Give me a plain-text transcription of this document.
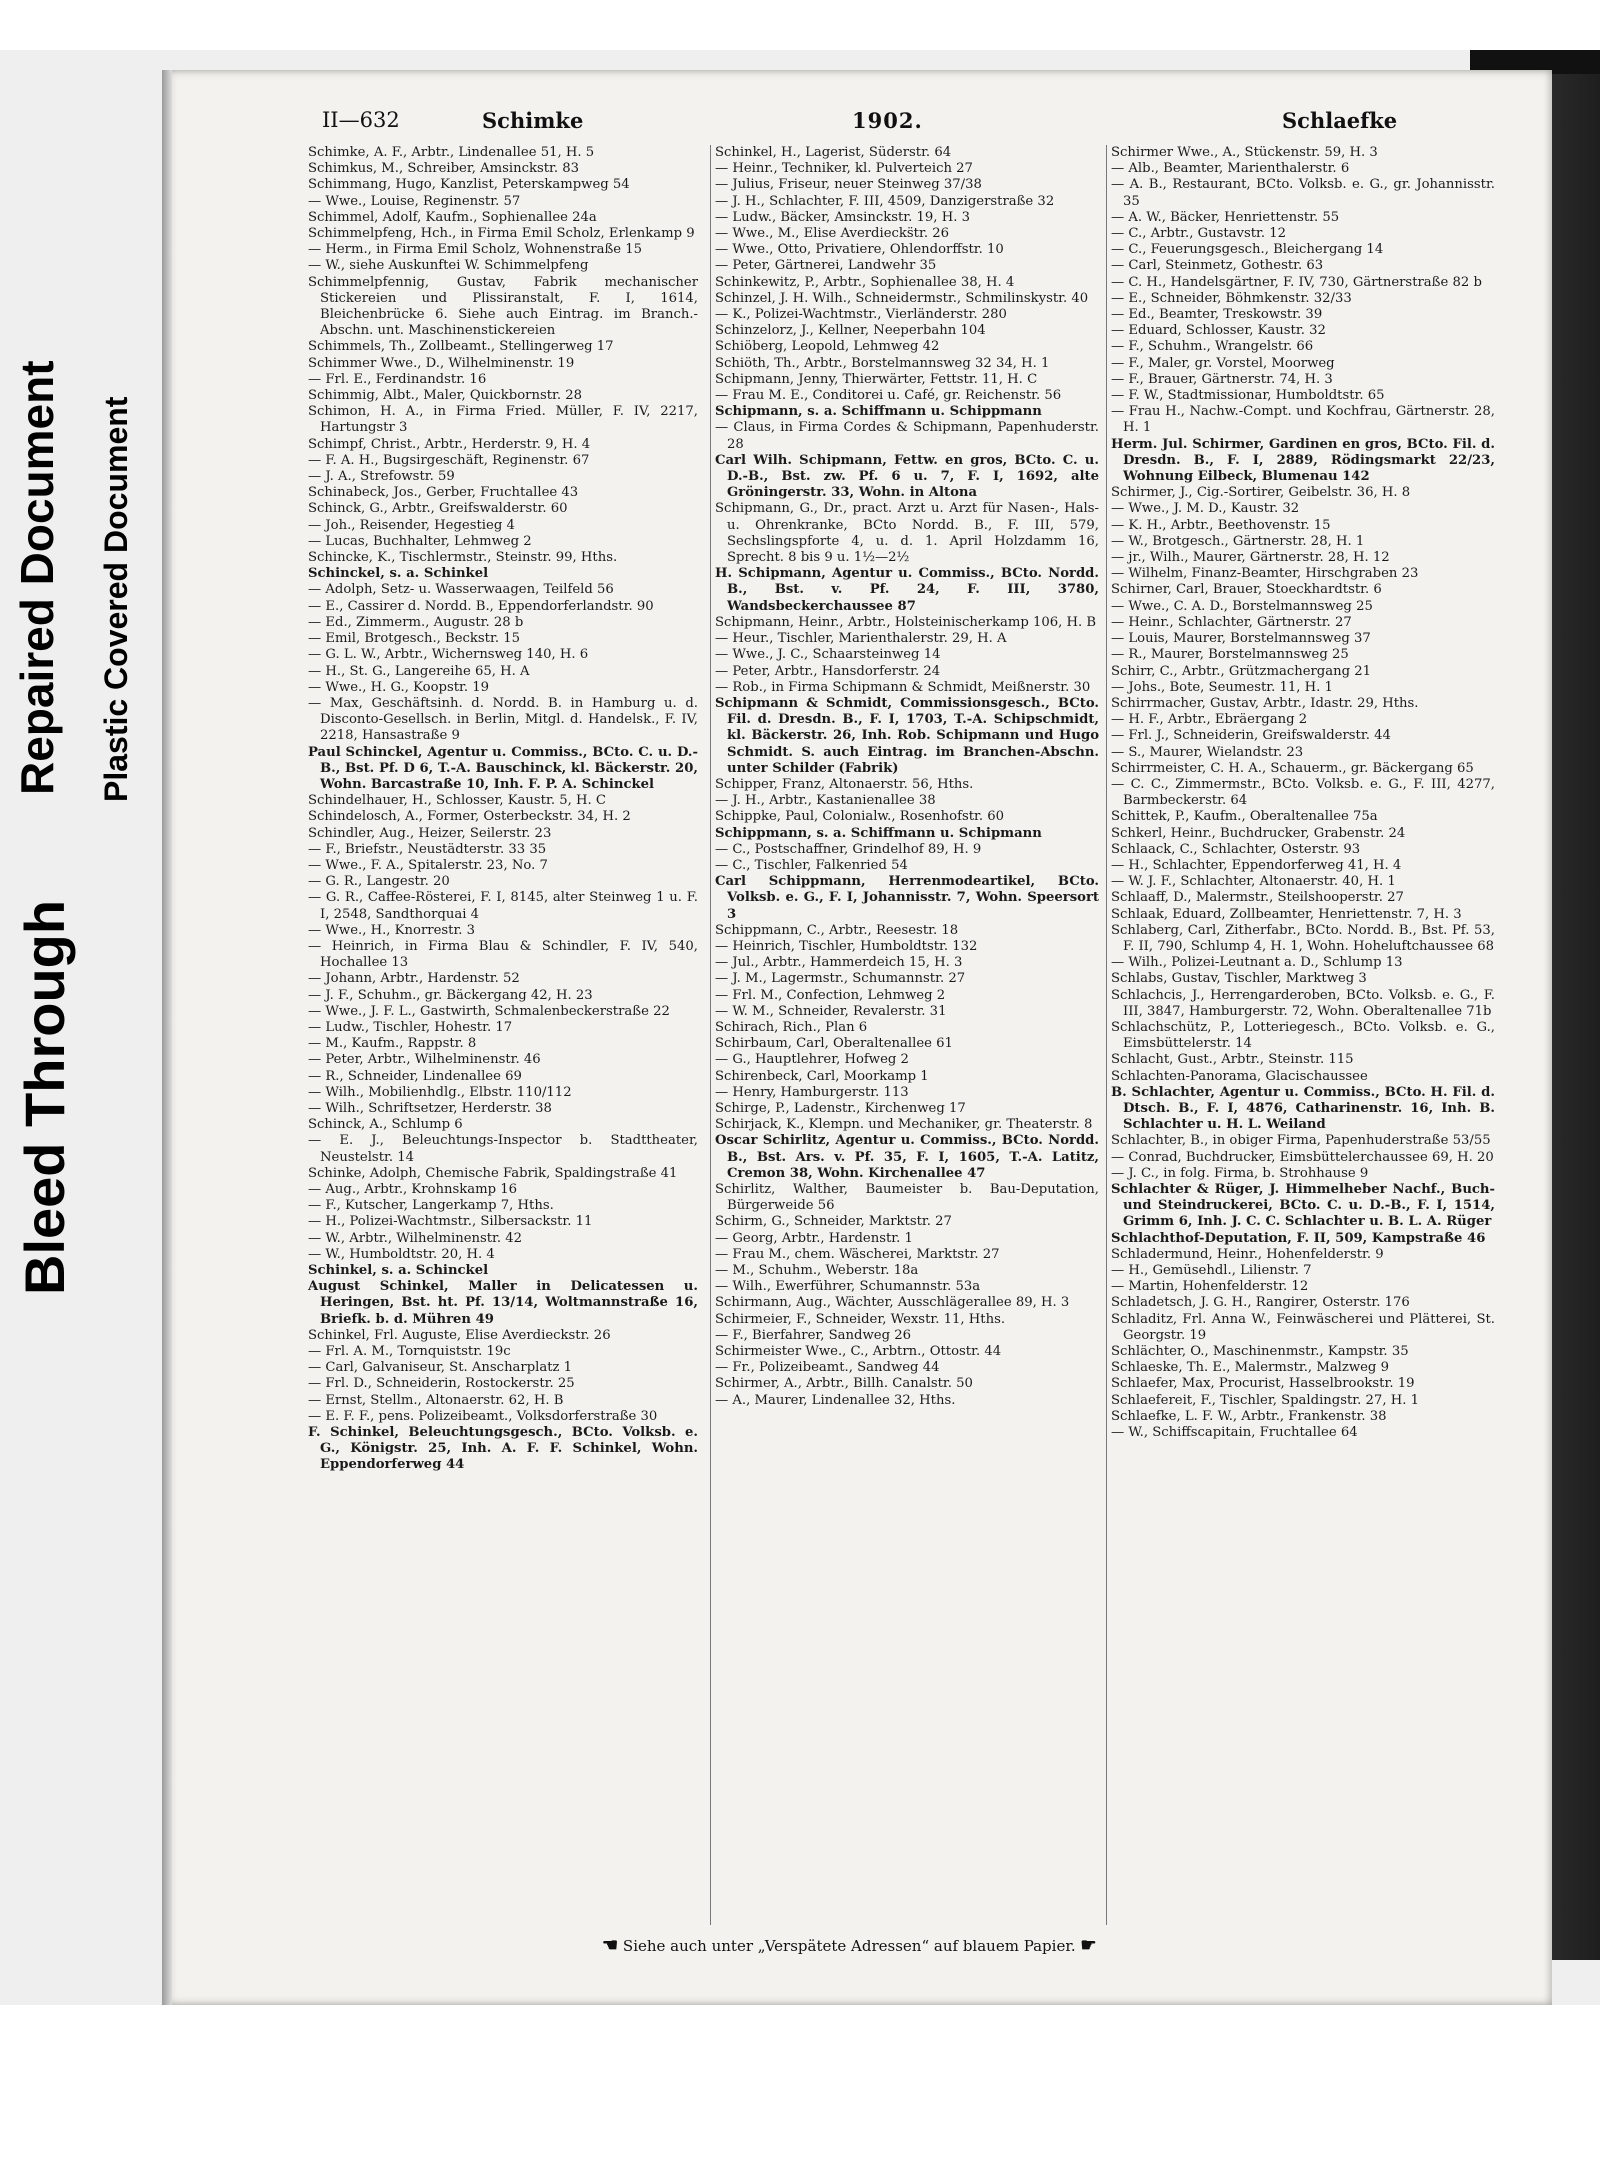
Bleed Through
Repaired Document Plastic Covered Document
II—632	Schimke	1902.	Schlaefke
Schimke, A. F., Arbtr., Lindenallee 51, H. 5
Schimkus, M., Schreiber, Amsinckstr. 83
Schimmang, Hugo, Kanzlist, Peterskampweg 54
— Wwe., Louise, Reginenstr. 57
Schimmel, Adolf, Kaufm., Sophienallee 24a
Schimmelpfeng, Hch., in Firma Emil Scholz, Erlenkamp 9
— Herm., in Firma Emil Scholz, Wohnenstraße 15
— W., siehe Auskunftei W. Schimmelpfeng
Schimmelpfennig, Gustav, Fabrik mechanischer Stickereien und Plissiranstalt, F. I, 1614, Bleichenbrücke 6. Siehe auch Eintrag. im Branch.-Abschn. unt. Maschinenstickereien
Schimmels, Th., Zollbeamt., Stellingerweg 17
Schimmer Wwe., D., Wilhelminenstr. 19
— Frl. E., Ferdinandstr. 16
Schimmig, Albt., Maler, Quickbornstr. 28
Schimon, H. A., in Firma Fried. Müller, F. IV, 2217, Hartungstr 3
Schimpf, Christ., Arbtr., Herderstr. 9, H. 4
— F. A. H., Bugsirgeschäft, Reginenstr. 67
— J. A., Strefowstr. 59
Schinabeck, Jos., Gerber, Fruchtallee 43
Schinck, G., Arbtr., Greifswalderstr. 60
— Joh., Reisender, Hegestieg 4
— Lucas, Buchhalter, Lehmweg 2
Schincke, K., Tischlermstr., Steinstr. 99, Hths.
Schinckel, s. a. Schinkel
— Adolph, Setz- u. Wasserwaagen, Teilfeld 56
— E., Cassirer d. Nordd. B., Eppendorferlandstr. 90
— Ed., Zimmerm., Augustr. 28 b
— Emil, Brotgesch., Beckstr. 15
— G. L. W., Arbtr., Wichernsweg 140, H. 6
— H., St. G., Langereihe 65, H. A
— Wwe., H. G., Koopstr. 19
— Max, Geschäftsinh. d. Nordd. B. in Hamburg u. d. Disconto-Gesellsch. in Berlin, Mitgl. d. Handelsk., F. IV, 2218, Hansastraße 9
Paul Schinckel, Agentur u. Commiss., BCto. C. u. D.-B., Bst. Pf. D 6, T.-A. Bauschinck, kl. Bäckerstr. 20, Wohn. Barcastraße 10, Inh. F. P. A. Schinckel
Schindelhauer, H., Schlosser, Kaustr. 5, H. C
Schindelosch, A., Former, Osterbeckstr. 34, H. 2
Schindler, Aug., Heizer, Seilerstr. 23
— F., Briefstr., Neustädterstr. 33 35
— Wwe., F. A., Spitalerstr. 23, No. 7
— G. R., Langestr. 20
— G. R., Caffee-Rösterei, F. I, 8145, alter Steinweg 1 u. F. I, 2548, Sandthorquai 4
— Wwe., H., Knorrestr. 3
— Heinrich, in Firma Blau & Schindler, F. IV, 540, Hochallee 13
— Johann, Arbtr., Hardenstr. 52
— J. F., Schuhm., gr. Bäckergang 42, H. 23
— Wwe., J. F. L., Gastwirth, Schmalenbeckerstraße 22
— Ludw., Tischler, Hohestr. 17
— M., Kaufm., Rappstr. 8
— Peter, Arbtr., Wilhelminenstr. 46
— R., Schneider, Lindenallee 69
— Wilh., Mobilienhdlg., Elbstr. 110/112
— Wilh., Schriftsetzer, Herderstr. 38
Schinck, A., Schlump 6
— E. J., Beleuchtungs-Inspector b. Stadttheater, Neustelstr. 14
Schinke, Adolph, Chemische Fabrik, Spaldingstraße 41
— Aug., Arbtr., Krohnskamp 16
— F., Kutscher, Langerkamp 7, Hths.
— H., Polizei-Wachtmstr., Silbersackstr. 11
— W., Arbtr., Wilhelminenstr. 42
— W., Humboldtstr. 20, H. 4
Schinkel, s. a. Schinckel
August Schinkel, Maller in Delicatessen u. Heringen, Bst. ht. Pf. 13/14, Woltmannstraße 16, Briefk. b. d. Mühren 49
Schinkel, Frl. Auguste, Elise Averdieckstr. 26
— Frl. A. M., Tornquiststr. 19c
— Carl, Galvaniseur, St. Anscharplatz 1
— Frl. D., Schneiderin, Rostockerstr. 25
— Ernst, Stellm., Altonaerstr. 62, H. B
— E. F. F., pens. Polizeibeamt., Volksdorferstraße 30
F. Schinkel, Beleuchtungsgesch., BCto. Volksb. e. G., Königstr. 25, Inh. A. F. F. Schinkel, Wohn. Eppendorferweg 44
Schinkel, H., Lagerist, Süderstr. 64
— Heinr., Techniker, kl. Pulverteich 27
— Julius, Friseur, neuer Steinweg 37/38
— J. H., Schlachter, F. III, 4509, Danzigerstraße 32
— Ludw., Bäcker, Amsinckstr. 19, H. 3
— Wwe., M., Elise Averdiecks̈tr. 26
— Wwe., Otto, Privatiere, Ohlendorffstr. 10
— Peter, Gärtnerei, Landwehr 35
Schinkewitz, P., Arbtr., Sophienallee 38, H. 4
Schinzel, J. H. Wilh., Schneidermstr., Schmilinskystr. 40
— K., Polizei-Wachtmstr., Vierländerstr. 280
Schinzelorz, J., Kellner, Neeperbahn 104
Schiöberg, Leopold, Lehmweg 42
Schiöth, Th., Arbtr., Borstelmannsweg 32 34, H. 1
Schipmann, Jenny, Thierwärter, Fettstr. 11, H. C
— Frau M. E., Conditorei u. Café, gr. Reichenstr. 56
Schipmann, s. a. Schiffmann u. Schippmann
— Claus, in Firma Cordes & Schipmann, Papenhuderstr. 28
Carl Wilh. Schipmann, Fettw. en gros, BCto. C. u. D.-B., Bst. zw. Pf. 6 u. 7, F. I, 1692, alte Gröningerstr. 33, Wohn. in Altona
Schipmann, G., Dr., pract. Arzt u. Arzt für Nasen-, Hals- u. Ohrenkranke, BCto Nordd. B., F. III, 579, Sechslingspforte 4, u. d. 1. April Holzdamm 16, Sprecht. 8 bis 9 u. 1½—2½
H. Schipmann, Agentur u. Commiss., BCto. Nordd. B., Bst. v. Pf. 24, F. III, 3780, Wandsbeckerchaussee 87
Schipmann, Heinr., Arbtr., Holsteinischerkamp 106, H. B
— Heur., Tischler, Marienthalerstr. 29, H. A
— Wwe., J. C., Schaarsteinweg 14
— Peter, Arbtr., Hansdorferstr. 24
— Rob., in Firma Schipmann & Schmidt, Meißnerstr. 30
Schipmann & Schmidt, Commissionsgesch., BCto. Fil. d. Dresdn. B., F. I, 1703, T.-A. Schipschmidt, kl. Bäckerstr. 26, Inh. Rob. Schipmann und Hugo Schmidt. S. auch Eintrag. im Branchen-Abschn. unter Schilder (Fabrik)
Schipper, Franz, Altonaerstr. 56, Hths.
— J. H., Arbtr., Kastanienallee 38
Schippke, Paul, Colonialw., Rosenhofstr. 60
Schippmann, s. a. Schiffmann u. Schipmann
— C., Postschaffner, Grindelhof 89, H. 9
— C., Tischler, Falkenried 54
Carl Schippmann, Herrenmodeartikel, BCto. Volksb. e. G., F. I, Johannisstr. 7, Wohn. Speersort 3
Schippmann, C., Arbtr., Reesestr. 18
— Heinrich, Tischler, Humboldtstr. 132
— Jul., Arbtr., Hammerdeich 15, H. 3
— J. M., Lagermstr., Schumannstr. 27
— Frl. M., Confection, Lehmweg 2
— W. M., Schneider, Revalerstr. 31
Schirach, Rich., Plan 6
Schirbaum, Carl, Oberaltenallee 61
— G., Hauptlehrer, Hofweg 2
Schirenbeck, Carl, Moorkamp 1
— Henry, Hamburgerstr. 113
Schirge, P., Ladenstr., Kirchenweg 17
Schirjack, K., Klempn. und Mechaniker, gr. Theaterstr. 8
Oscar Schirlitz, Agentur u. Commiss., BCto. Nordd. B., Bst. Ars. v. Pf. 35, F. I, 1605, T.-A. Latitz, Cremon 38, Wohn. Kirchenallee 47
Schirlitz, Walther, Baumeister b. Bau-Deputation, Bürgerweide 56
Schirm, G., Schneider, Marktstr. 27
— Georg, Arbtr., Hardenstr. 1
— Frau M., chem. Wäscherei, Marktstr. 27
— M., Schuhm., Weberstr. 18a
— Wilh., Ewerführer, Schumannstr. 53a
Schirmann, Aug., Wächter, Ausschlägerallee 89, H. 3
Schirmeier, F., Schneider, Wexstr. 11, Hths.
— F., Bierfahrer, Sandweg 26
Schirmeister Wwe., C., Arbtrn., Ottostr. 44
— Fr., Polizeibeamt., Sandweg 44
Schirmer, A., Arbtr., Billh. Canalstr. 50
— A., Maurer, Lindenallee 32, Hths.
Schirmer Wwe., A., Stückenstr. 59, H. 3
— Alb., Beamter, Marienthalerstr. 6
— A. B., Restaurant, BCto. Volksb. e. G., gr. Johannisstr. 35
— A. W., Bäcker, Henriettenstr. 55
— C., Arbtr., Gustavstr. 12
— C., Feuerungsgesch., Bleichergang 14
— Carl, Steinmetz, Gothestr. 63
— C. H., Handelsgärtner, F. IV, 730, Gärtnerstraße 82 b
— E., Schneider, Böhmkenstr. 32/33
— Ed., Beamter, Treskowstr. 39
— Eduard, Schlosser, Kaustr. 32
— F., Schuhm., Wrangelstr. 66
— F., Maler, gr. Vorstel, Moorweg
— F., Brauer, Gärtnerstr. 74, H. 3
— F. W., Stadtmissionar, Humboldtstr. 65
— Frau H., Nachw.-Compt. und Kochfrau, Gärtnerstr. 28, H. 1
Herm. Jul. Schirmer, Gardinen en gros, BCto. Fil. d. Dresdn. B., F. I, 2889, Rödingsmarkt 22/23, Wohnung Eilbeck, Blumenau 142
Schirmer, J., Cig.-Sortirer, Geibelstr. 36, H. 8
— Wwe., J. M. D., Kaustr. 32
— K. H., Arbtr., Beethovenstr. 15
— W., Brotgesch., Gärtnerstr. 28, H. 1
— jr., Wilh., Maurer, Gärtnerstr. 28, H. 12
— Wilhelm, Finanz-Beamter, Hirschgraben 23
Schirner, Carl, Brauer, Stoeckhardtstr. 6
— Wwe., C. A. D., Borstelmannsweg 25
— Heinr., Schlachter, Gärtnerstr. 27
— Louis, Maurer, Borstelmannsweg 37
— R., Maurer, Borstelmannsweg 25
Schirr, C., Arbtr., Grützmachergang 21
— Johs., Bote, Seumestr. 11, H. 1
Schirrmacher, Gustav, Arbtr., Idastr. 29, Hths.
— H. F., Arbtr., Ebräergang 2
— Frl. J., Schneiderin, Greifswalderstr. 44
— S., Maurer, Wielandstr. 23
Schirrmeister, C. H. A., Schauerm., gr. Bäckergang 65
— C. C., Zimmermstr., BCto. Volksb. e. G., F. III, 4277, Barmbeckerstr. 64
Schittek, P., Kaufm., Oberaltenallee 75a
Schkerl, Heinr., Buchdrucker, Grabenstr. 24
Schlaack, C., Schlachter, Osterstr. 93
— H., Schlachter, Eppendorferweg 41, H. 4
— W. J. F., Schlachter, Altonaerstr. 40, H. 1
Schlaaff, D., Malermstr., Steilshooperstr. 27
Schlaak, Eduard, Zollbeamter, Henriettenstr. 7, H. 3
Schlaberg, Carl, Zitherfabr., BCto. Nordd. B., Bst. Pf. 53, F. II, 790, Schlump 4, H. 1, Wohn. Hoheluftchaussee 68
— Wilh., Polizei-Leutnant a. D., Schlump 13
Schlabs, Gustav, Tischler, Marktweg 3
Schlachcis, J., Herrengarderoben, BCto. Volksb. e. G., F. III, 3847, Hamburgerstr. 72, Wohn. Oberaltenallee 71b
Schlachschütz, P., Lotteriegesch., BCto. Volksb. e. G., Eimsbüttelerstr. 14
Schlacht, Gust., Arbtr., Steinstr. 115
Schlachten-Panorama, Glacischaussee
B. Schlachter, Agentur u. Commiss., BCto. H. Fil. d. Dtsch. B., F. I, 4876, Catharinenstr. 16, Inh. B. Schlachter u. H. L. Weiland
Schlachter, B., in obiger Firma, Papenhuderstraße 53/55
— Conrad, Buchdrucker, Eimsbüttelerchaussee 69, H. 20
— J. C., in folg. Firma, b. Strohhause 9
Schlachter & Rüger, J. Himmelheber Nachf., Buch- und Steindruckerei, BCto. C. u. D.-B., F. I, 1514, Grimm 6, Inh. J. C. C. Schlachter u. B. L. A. Rüger
Schlachthof-Deputation, F. II, 509, Kampstraße 46
Schladermund, Heinr., Hohenfelderstr. 9
— H., Gemüsehdl., Lilienstr. 7
— Martin, Hohenfelderstr. 12
Schladetsch, J. G. H., Rangirer, Osterstr. 176
Schladitz, Frl. Anna W., Feinwäscherei und Plätterei, St. Georgstr. 19
Schlächter, O., Maschinenmstr., Kampstr. 35
Schlaeske, Th. E., Malermstr., Malzweg 9
Schlaefer, Max, Procurist, Hasselbrookstr. 19
Schlaefereit, F., Tischler, Spaldingstr. 27, H. 1
Schlaefke, L. F. W., Arbtr., Frankenstr. 38
— W., Schiffscapitain, Fruchtallee 64
☚ Siehe auch unter „Verspätete Adressen“ auf blauem Papier. ☛
